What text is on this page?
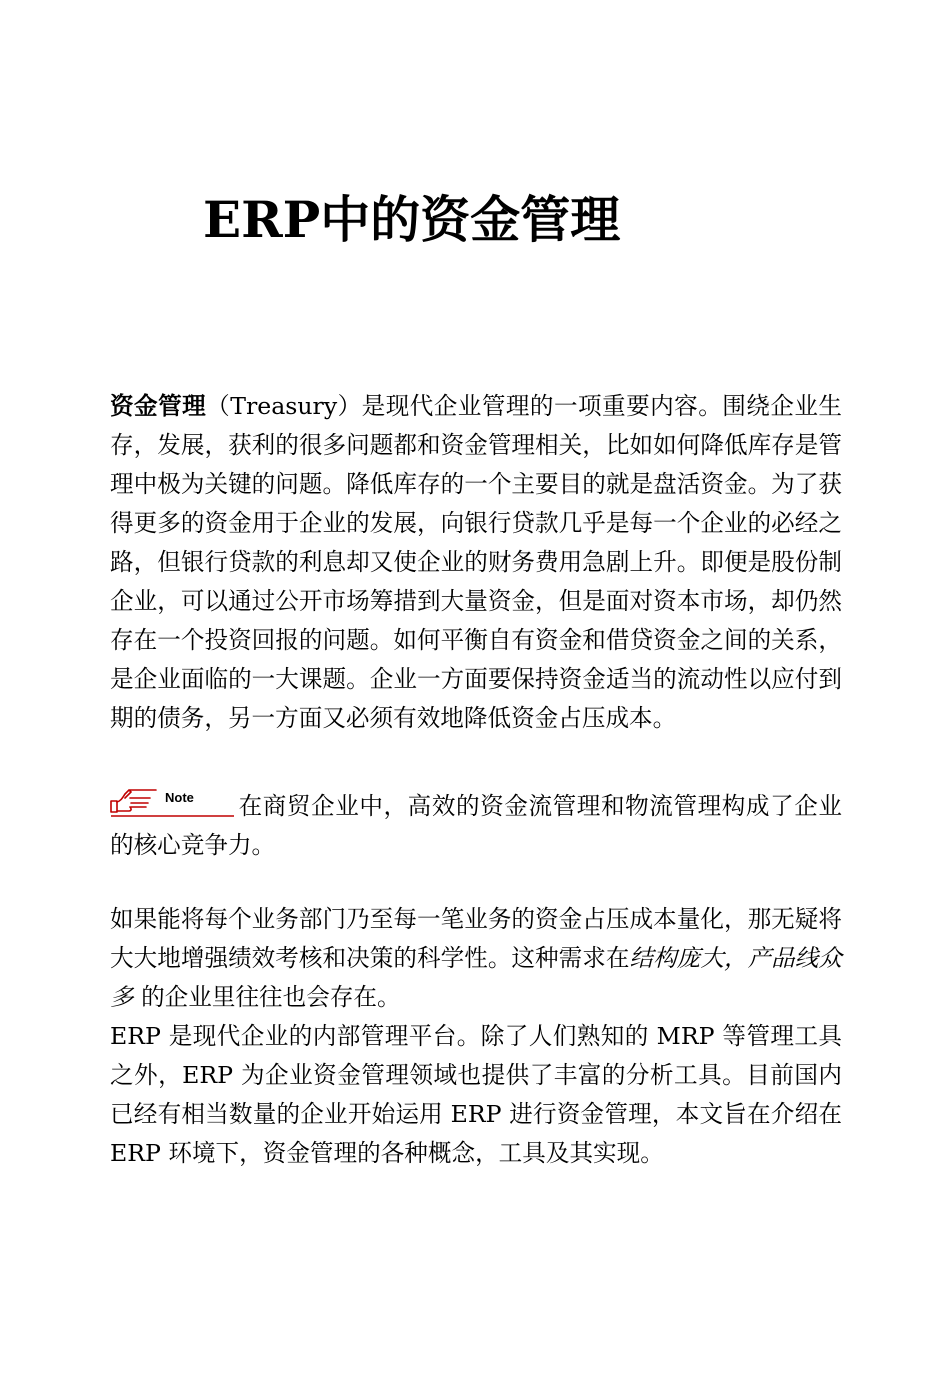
ERP中的资金管理

资金管理（Treasury）是现代企业管理的一项重要内容。围绕企业生存，发展，获利的很多问题都和资金管理相关，比如如何降低库存是管理中极为关键的问题。降低库存的一个主要目的就是盘活资金。为了获得更多的资金用于企业的发展，向银行贷款几乎是每一个企业的必经之路，但银行贷款的利息却又使企业的财务费用急剧上升。即便是股份制企业，可以通过公开市场筹措到大量资金，但是面对资本市场，却仍然存在一个投资回报的问题。如何平衡自有资金和借贷资金之间的关系，是企业面临的一大课题。企业一方面要保持资金适当的流动性以应付到期的债务，另一方面又必须有效地降低资金占压成本。

Note 在商贸企业中，高效的资金流管理和物流管理构成了企业的核心竞争力。

如果能将每个业务部门乃至每一笔业务的资金占压成本量化，那无疑将大大地增强绩效考核和决策的科学性。这种需求在结构庞大，产品线众多 的企业里往往也会存在。

ERP 是现代企业的内部管理平台。除了人们熟知的 MRP 等管理工具之外，ERP 为企业资金管理领域也提供了丰富的分析工具。目前国内已经有相当数量的企业开始运用 ERP 进行资金管理，本文旨在介绍在 ERP 环境下，资金管理的各种概念，工具及其实现。
